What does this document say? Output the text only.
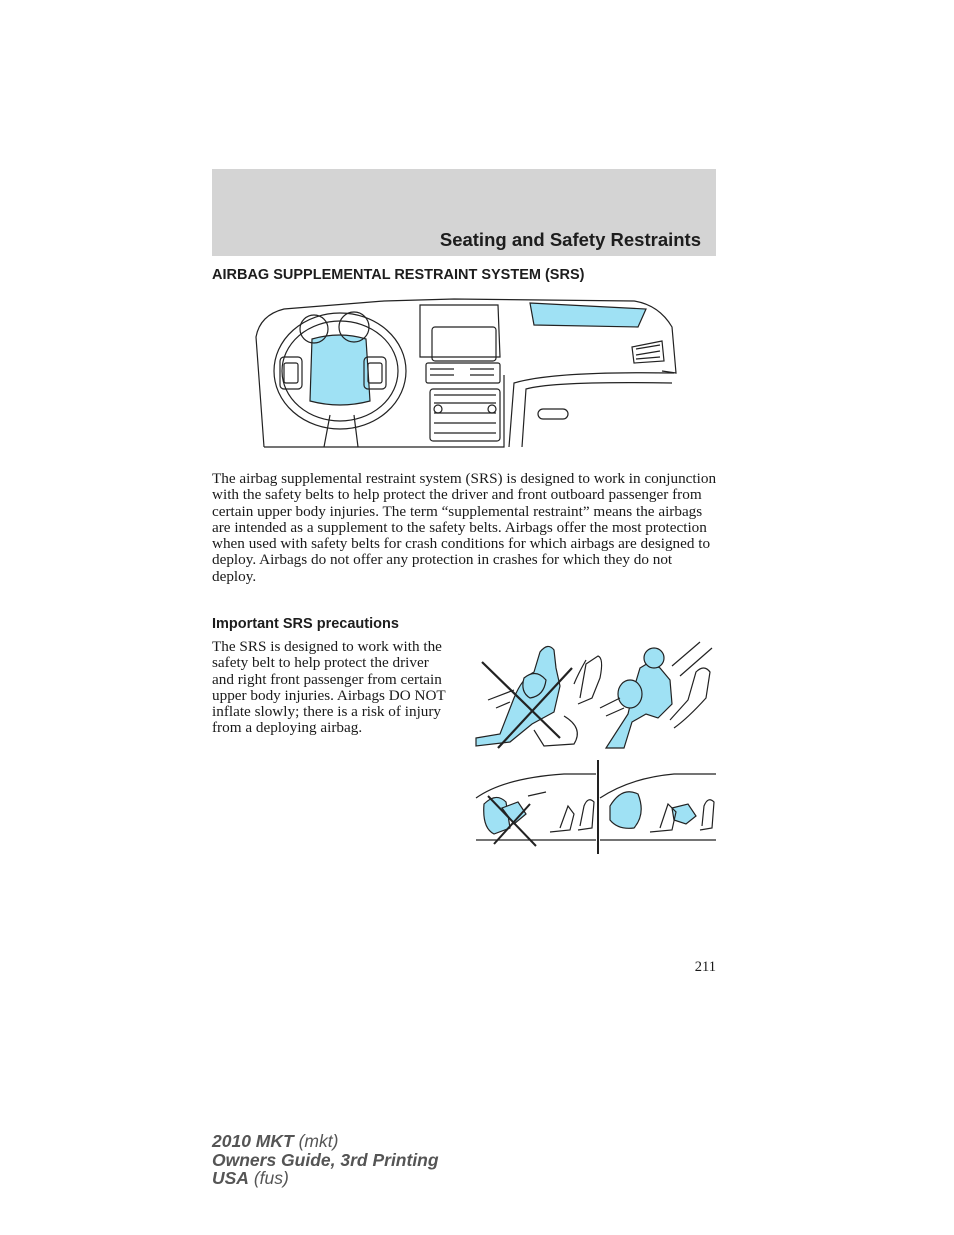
Seating and Safety Restraints
AIRBAG SUPPLEMENTAL RESTRAINT SYSTEM (SRS)

The airbag supplemental restraint system (SRS) is designed to work in conjunction with the safety belts to help protect the driver and front outboard passenger from certain upper body injuries. The term “supplemental restraint” means the airbags are intended as a supplement to the safety belts. Airbags offer the most protection when used with safety belts for crash conditions for which airbags are designed to deploy. Airbags do not offer any protection in crashes for which they do not deploy.

Important SRS precautions

The SRS is designed to work with the safety belt to help protect the driver and right front passenger from certain upper body injuries. Airbags DO NOT inflate slowly; there is a risk of injury from a deploying airbag.

211
2010 MKT (mkt)
Owners Guide, 3rd Printing
USA (fus)
